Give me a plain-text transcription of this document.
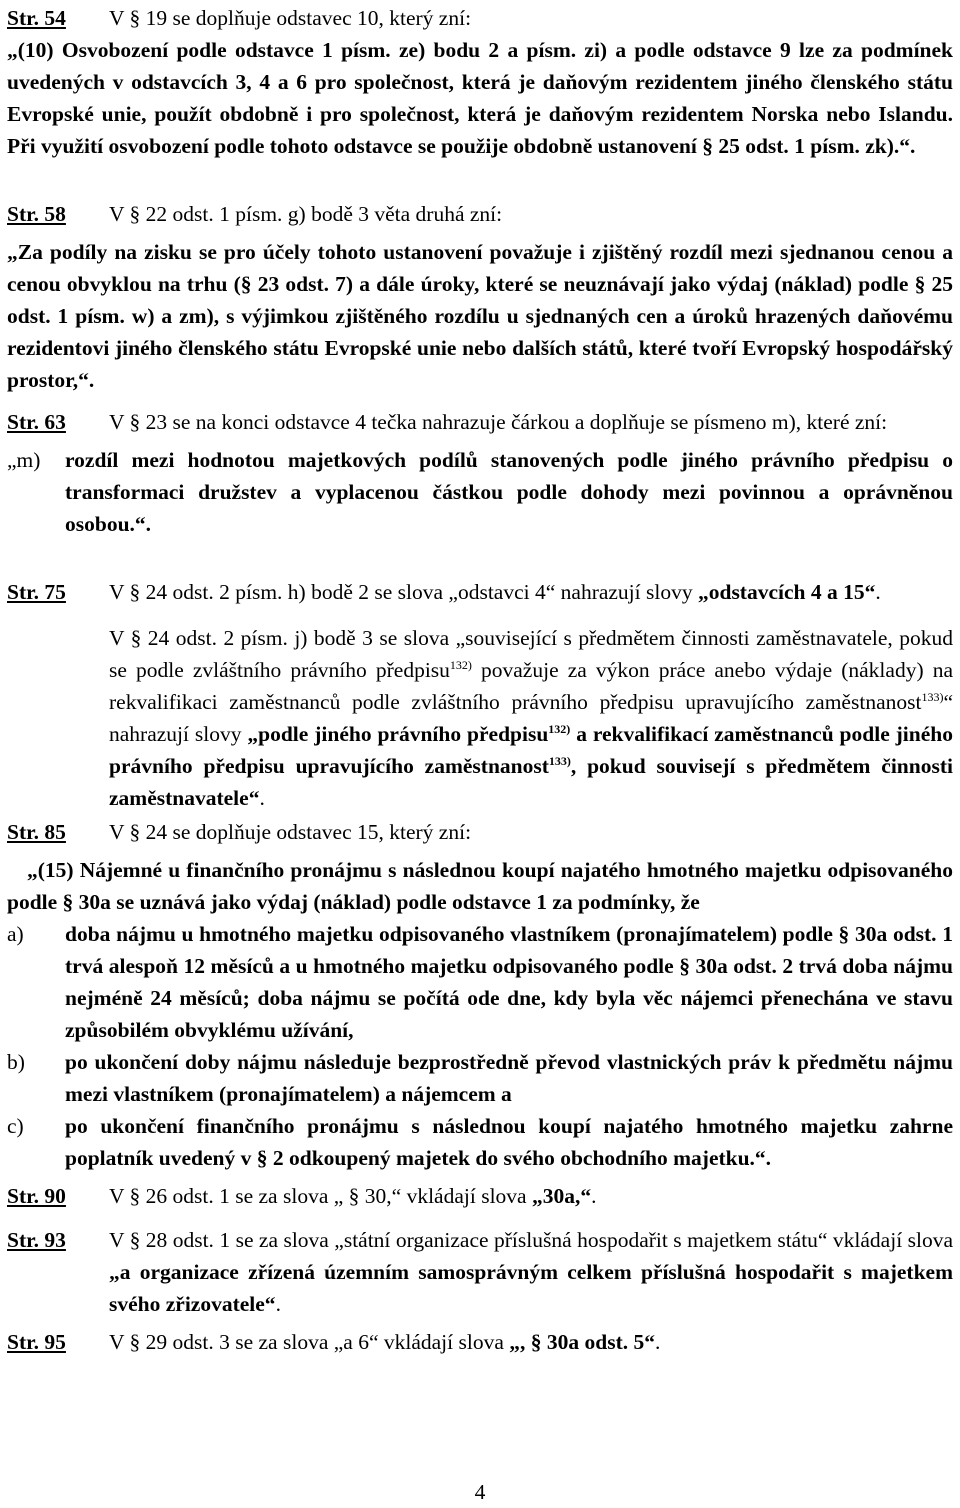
Str. 54	V § 19 se doplňuje odstavec 10, který zní:
„(10) Osvobození podle odstavce 1 písm. ze) bodu 2 a písm. zi) a podle odstavce 9 lze za podmínek uvedených v odstavcích 3, 4 a 6 pro společnost, která je daňovým rezidentem jiného členského státu Evropské unie, použít obdobně i pro společnost, která je daňovým rezidentem Norska nebo Islandu. Při využití osvobození podle tohoto odstavce se použije obdobně ustanovení § 25 odst. 1 písm. zk).“.
Str. 58	V § 22 odst. 1 písm. g) bodě 3 věta druhá zní:
„Za podíly na zisku se pro účely tohoto ustanovení považuje i zjištěný rozdíl mezi sjednanou cenou a cenou obvyklou na trhu (§ 23 odst. 7) a dále úroky, které se neuznávají jako výdaj (náklad) podle § 25 odst. 1 písm. w) a zm), s výjimkou zjištěného rozdílu u sjednaných cen a úroků hrazených daňovému rezidentovi jiného členského státu Evropské unie nebo dalších států, které tvoří Evropský hospodářský prostor,“.
Str. 63	V § 23 se na konci odstavce 4 tečka nahrazuje čárkou a doplňuje se písmeno m), které zní:
„m)	rozdíl mezi hodnotou majetkových podílů stanovených podle jiného právního předpisu o transformaci družstev a vyplacenou částkou podle dohody mezi povinnou a oprávněnou osobou.“.
Str. 75	V § 24 odst. 2 písm. h) bodě 2 se slova „odstavci 4“ nahrazují slovy „odstavcích 4 a 15“.
V § 24 odst. 2 písm. j) bodě 3 se slova „související s předmětem činnosti zaměstnavatele, pokud se podle zvláštního právního předpisu$^{132)}$ považuje za výkon práce anebo výdaje (náklady) na rekvalifikaci zaměstnanců podle zvláštního právního předpisu upravujícího zaměstnanost$^{133)}$“ nahrazují slovy „podle jiného právního předpisu$^{132)}$ a rekvalifikací zaměstnanců podle jiného právního předpisu upravujícího zaměstnanost$^{133)}$, pokud souvisejí s předmětem činnosti zaměstnavatele“.
Str. 85	V § 24 se doplňuje odstavec 15, který zní:
„(15) Nájemné u finančního pronájmu s následnou koupí najatého hmotného majetku odpisovaného podle § 30a se uznává jako výdaj (náklad) podle odstavce 1 za podmínky, že
a)	doba nájmu u hmotného majetku odpisovaného vlastníkem (pronajímatelem) podle § 30a odst. 1 trvá alespoň 12 měsíců a u hmotného majetku odpisovaného podle § 30a odst. 2 trvá doba nájmu nejméně 24 měsíců; doba nájmu se počítá ode dne, kdy byla věc nájemci přenechána ve stavu způsobilém obvyklému užívání,
b)	po ukončení doby nájmu následuje bezprostředně převod vlastnických práv k předmětu nájmu mezi vlastníkem (pronajímatelem) a nájemcem a
c)	po ukončení finančního pronájmu s následnou koupí najatého hmotného majetku zahrne poplatník uvedený v § 2 odkoupený majetek do svého obchodního majetku.“.
Str. 90	V § 26 odst. 1 se za slova „ § 30,“ vkládají slova „30a,“.
Str. 93	V § 28 odst. 1 se za slova „státní organizace příslušná hospodařit s majetkem státu“ vkládají slova „a organizace zřízená územním samosprávným celkem příslušná hospodařit s majetkem svého zřizovatele“.
Str. 95	V § 29 odst. 3 se za slova „a 6“ vkládají slova „, § 30a odst. 5“.
4
